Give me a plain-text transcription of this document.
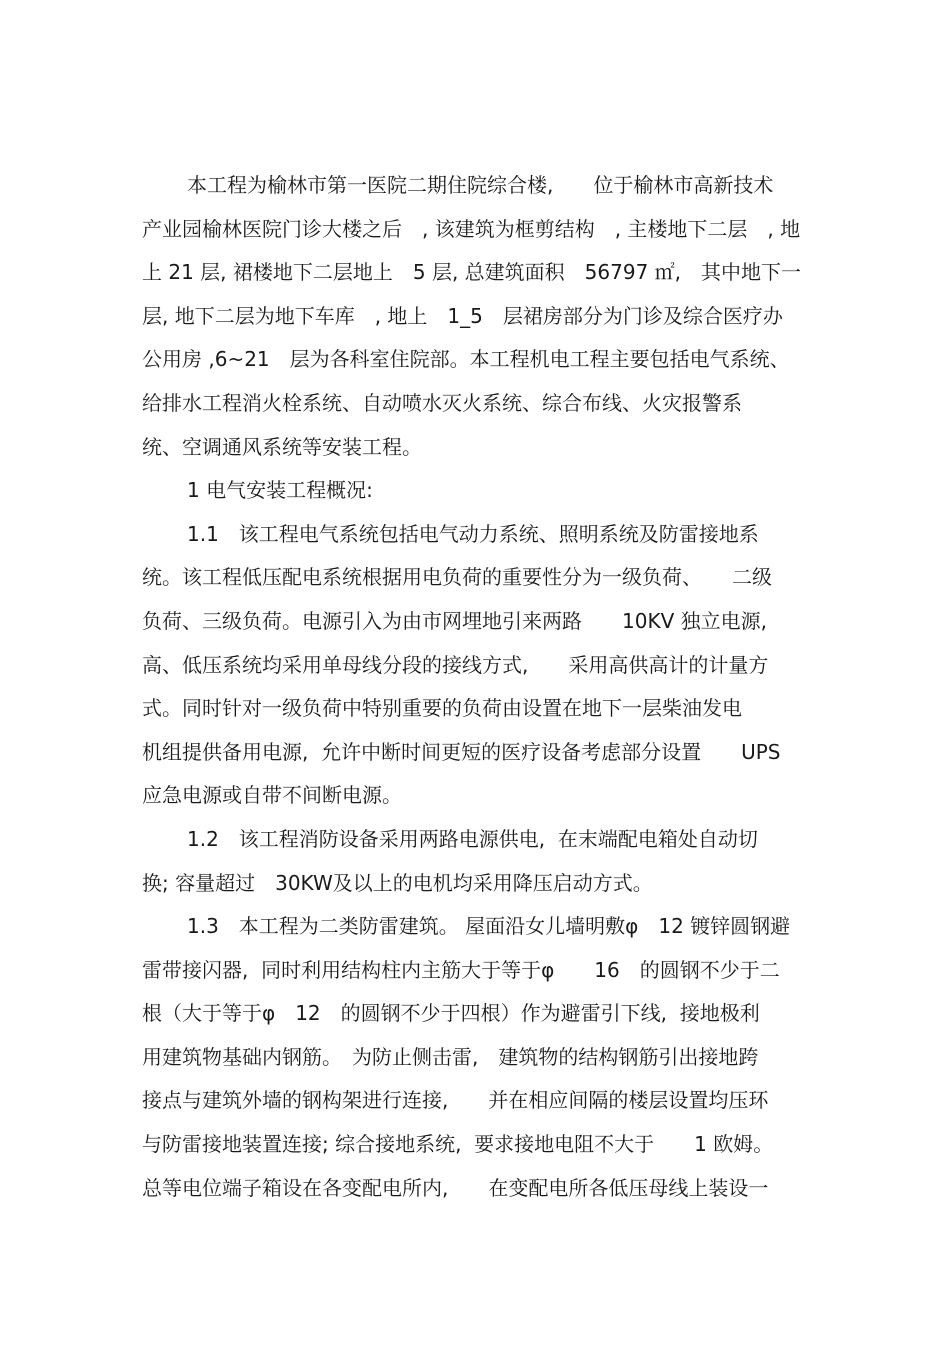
本工程为榆林市第一医院二期住院综合楼,　　位于榆林市高新技术
产业园榆林医院门诊大楼之后　, 该建筑为框剪结构　, 主楼地下二层　, 地
上 21 层, 裙楼地下二层地上　5 层, 总建筑面积　56797 ㎡,　其中地下一
层, 地下二层为地下车库　, 地上　1_5　层裙房部分为门诊及综合医疗办
公用房 ,6~21　层为各科室住院部。本工程机电工程主要包括电气系统、
给排水工程消火栓系统、自动喷水灭火系统、综合布线、火灾报警系
统、空调通风系统等安装工程。
1 电气安装工程概况:
1.1　该工程电气系统包括电气动力系统、照明系统及防雷接地系
统。该工程低压配电系统根据用电负荷的重要性分为一级负荷、　　二级
负荷、三级负荷。电源引入为由市网埋地引来两路　　10KV 独立电源,
高、低压系统均采用单母线分段的接线方式,　　采用高供高计的计量方
式。同时针对一级负荷中特别重要的负荷由设置在地下一层柴油发电
机组提供备用电源,  允许中断时间更短的医疗设备考虑部分设置　　UPS
应急电源或自带不间断电源。
1.2　该工程消防设备采用两路电源供电,  在末端配电箱处自动切
换; 容量超过　30KW及以上的电机均采用降压启动方式。
1.3　本工程为二类防雷建筑。 屋面沿女儿墙明敷φ　12 镀锌圆钢避
雷带接闪器,  同时利用结构柱内主筋大于等于φ　　16　的圆钢不少于二
根（大于等于φ　12　的圆钢不少于四根）作为避雷引下线,  接地极利
用建筑物基础内钢筋。　为防止侧击雷,　建筑物的结构钢筋引出接地跨
接点与建筑外墙的钢构架进行连接,　　并在相应间隔的楼层设置均压环
与防雷接地装置连接; 综合接地系统,  要求接地电阻不大于　　1 欧姆。
总等电位端子箱设在各变配电所内,　　在变配电所各低压母线上装设一
